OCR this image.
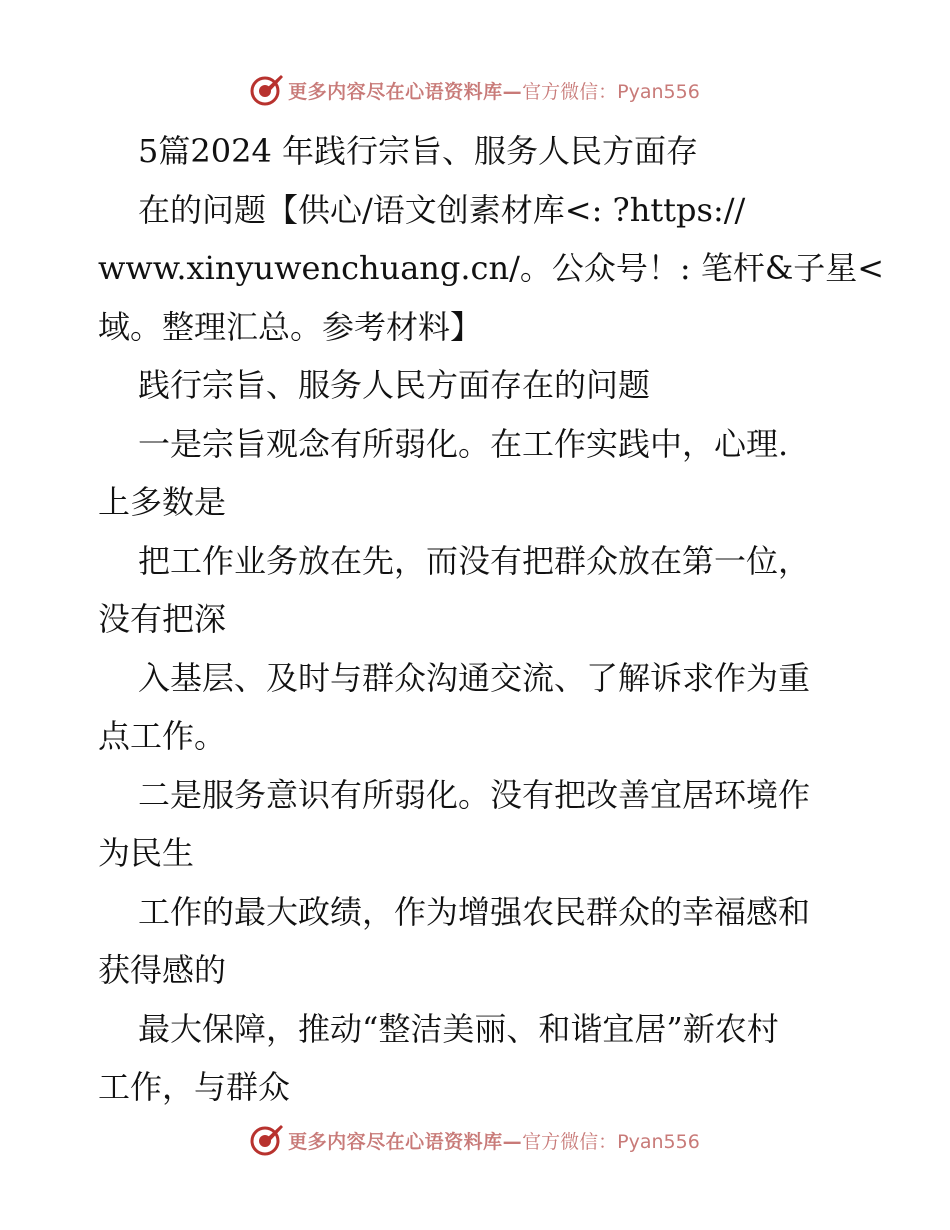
更多内容尽在心语资料库— 官方微信：Pyan556
5篇2024 年践行宗旨、服务人民方面存
在的问题【供心/语文创素材库<: ?https://
www.xinyuwenchuang.cn/。公众号！: 笔杆&子星<
域。整理汇总。参考材料】
践行宗旨、服务人民方面存在的问题
一是宗旨观念有所弱化。在工作实践中，心理.
上多数是
把工作业务放在先，而没有把群众放在第一位，
没有把深
入基层、及时与群众沟通交流、了解诉求作为重
点工作。
二是服务意识有所弱化。没有把改善宜居环境作
为民生
工作的最大政绩，作为增强农民群众的幸福感和
获得感的
最大保障，推动“整洁美丽、和谐宜居”新农村
工作，与群众
更多内容尽在心语资料库— 官方微信：Pyan556
